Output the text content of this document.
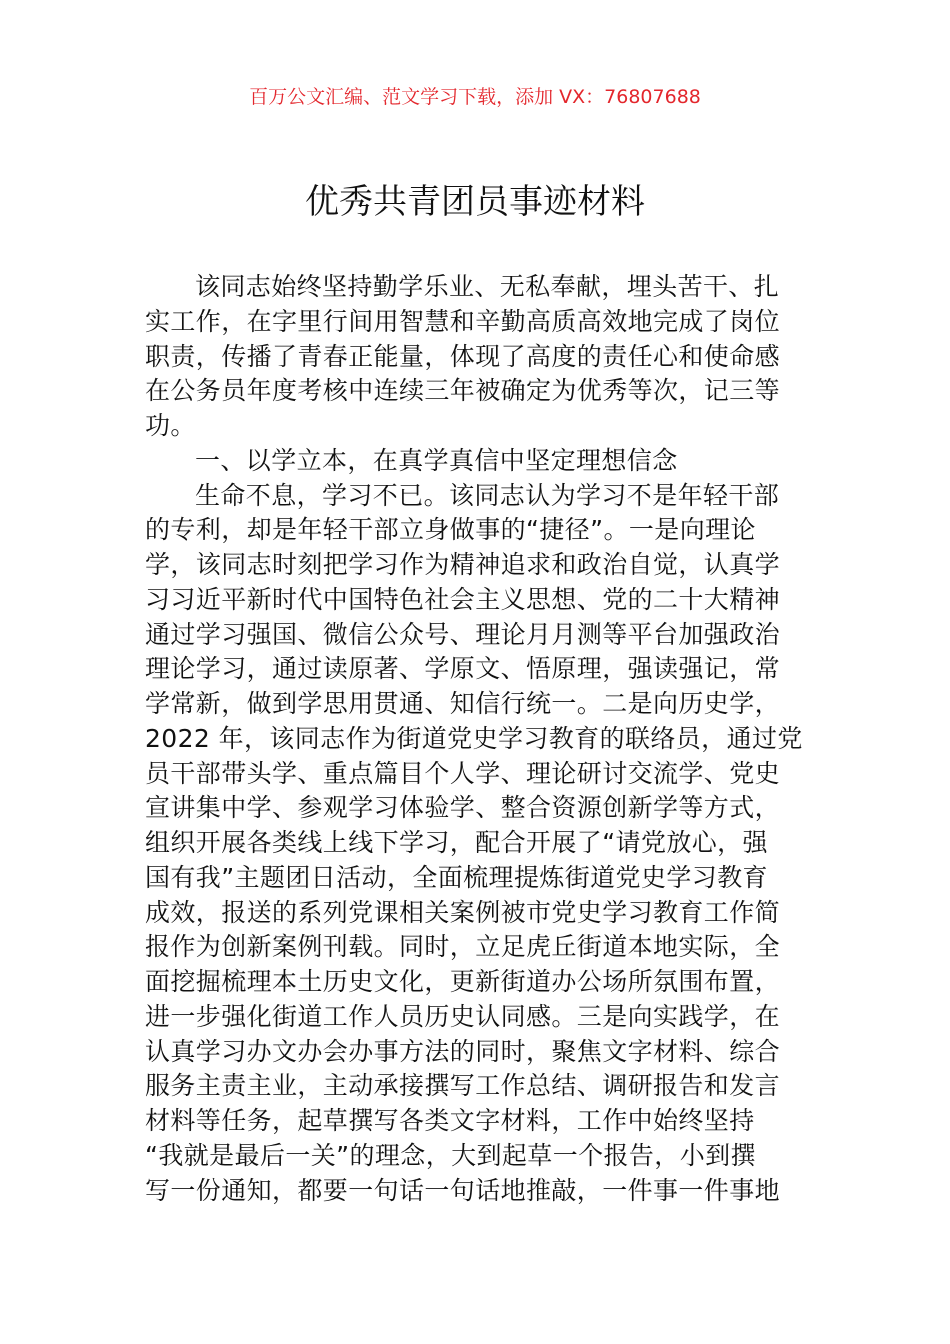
百万公文汇编、范文学习下载，添加 VX：76807688
优秀共青团员事迹材料
该同志始终坚持勤学乐业、无私奉献，埋头苦干、扎
实工作，在字里行间用智慧和辛勤高质高效地完成了岗位
职责，传播了青春正能量，体现了高度的责任心和使命感
在公务员年度考核中连续三年被确定为优秀等次，记三等
功。
一、以学立本，在真学真信中坚定理想信念
生命不息，学习不已。该同志认为学习不是年轻干部
的专利，却是年轻干部立身做事的“捷径”。一是向理论
学，该同志时刻把学习作为精神追求和政治自觉，认真学
习习近平新时代中国特色社会主义思想、党的二十大精神
通过学习强国、微信公众号、理论月月测等平台加强政治
理论学习，通过读原著、学原文、悟原理，强读强记，常
学常新，做到学思用贯通、知信行统一。二是向历史学，
2022 年，该同志作为街道党史学习教育的联络员，通过党
员干部带头学、重点篇目个人学、理论研讨交流学、党史
宣讲集中学、参观学习体验学、整合资源创新学等方式，
组织开展各类线上线下学习，配合开展了“请党放心，强
国有我”主题团日活动，全面梳理提炼街道党史学习教育
成效，报送的系列党课相关案例被市党史学习教育工作简
报作为创新案例刊载。同时，立足虎丘街道本地实际，全
面挖掘梳理本土历史文化，更新街道办公场所氛围布置，
进一步强化街道工作人员历史认同感。三是向实践学，在
认真学习办文办会办事方法的同时，聚焦文字材料、综合
服务主责主业，主动承接撰写工作总结、调研报告和发言
材料等任务，起草撰写各类文字材料，工作中始终坚持
“我就是最后一关”的理念，大到起草一个报告，小到撰
写一份通知，都要一句话一句话地推敲，一件事一件事地
